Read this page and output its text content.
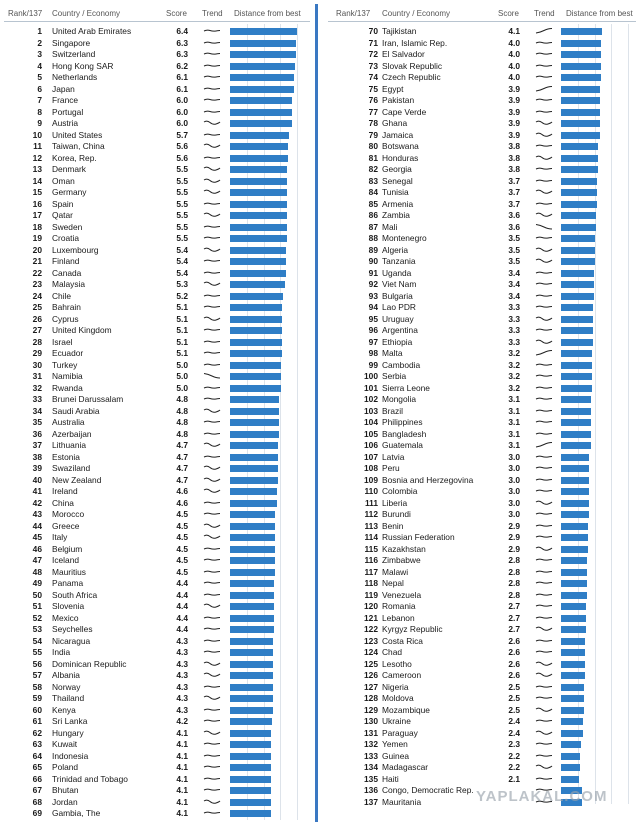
Rank/137 Country / Economy	Score Trend Distance from best
1 United Arab Emirates	6.4
2 Singapore	6.3
3 Switzerland	6.3
4 Hong Kong SAR	6.2
5 Netherlands	6.1
6 Japan	6.1
7 France	6.0
8 Portugal	6.0
9 Austria	6.0
10 United States	5.7
11 Taiwan, China	5.6
12 Korea, Rep.	5.6
13 Denmark	5.5
14 Oman	5.5
15 Germany	5.5
16 Spain	5.5
17 Qatar	5.5
18 Sweden	5.5
19 Croatia	5.5
20 Luxembourg	5.4
21 Finland	5.4
22 Canada	5.4
23 Malaysia	5.3
24 Chile	5.2
25 Bahrain	5.1
26 Cyprus	5.1
27 United Kingdom	5.1
28 Israel	5.1
29 Ecuador	5.1
30 Turkey	5.0
31 Namibia	5.0
32 Rwanda	5.0
33 Brunei Darussalam	4.8
34 Saudi Arabia	4.8
35 Australia	4.8
36 Azerbaijan	4.8
37 Lithuania	4.7
38 Estonia	4.7
39 Swaziland	4.7
40 New Zealand	4.7
41 Ireland	4.6
42 China	4.6
43 Morocco	4.5
44 Greece	4.5
45 Italy	4.5
46 Belgium	4.5
47 Iceland	4.5
48 Mauritius	4.5
49 Panama	4.4
50 South Africa	4.4
51 Slovenia	4.4
52 Mexico	4.4
53 Seychelles	4.4
54 Nicaragua	4.3
55 India	4.3
56 Dominican Republic	4.3
57 Albania	4.3
58 Norway	4.3
59 Thailand	4.3
60 Kenya	4.3
61 Sri Lanka	4.2
62 Hungary	4.1
63 Kuwait	4.1
64 Indonesia	4.1
65 Poland	4.1
66 Trinidad and Tobago	4.1
67 Bhutan	4.1
68 Jordan	4.1
69 Gambia, The	4.1
Rank/137 Country / Economy	Score Trend Distance from best
70 Tajikistan	4.1
71 Iran, Islamic Rep.	4.0
72 El Salvador	4.0
73 Slovak Republic	4.0
74 Czech Republic	4.0
75 Egypt	3.9
76 Pakistan	3.9
77 Cape Verde	3.9
78 Ghana	3.9
79 Jamaica	3.9
80 Botswana	3.8
81 Honduras	3.8
82 Georgia	3.8
83 Senegal	3.7
84 Tunisia	3.7
85 Armenia	3.7
86 Zambia	3.6
87 Mali	3.6
88 Montenegro	3.5
89 Algeria	3.5
90 Tanzania	3.5
91 Uganda	3.4
92 Viet Nam	3.4
93 Bulgaria	3.4
94 Lao PDR	3.3
95 Uruguay	3.3
96 Argentina	3.3
97 Ethiopia	3.3
98 Malta	3.2
99 Cambodia	3.2
100 Serbia	3.2
101 Sierra Leone	3.2
102 Mongolia	3.1
103 Brazil	3.1
104 Philippines	3.1
105 Bangladesh	3.1
106 Guatemala	3.1
107 Latvia	3.0
108 Peru	3.0
109 Bosnia and Herzegovina	3.0
110 Colombia	3.0
111 Liberia	3.0
112 Burundi	3.0
113 Benin	2.9
114 Russian Federation	2.9
115 Kazakhstan	2.9
116 Zimbabwe	2.8
117 Malawi	2.8
118 Nepal	2.8
119 Venezuela	2.8
120 Romania	2.7
121 Lebanon	2.7
122 Kyrgyz Republic	2.7
123 Costa Rica	2.6
124 Chad	2.6
125 Lesotho	2.6
126 Cameroon	2.6
127 Nigeria	2.5
128 Moldova	2.5
129 Mozambique	2.5
130 Ukraine	2.4
131 Paraguay	2.4
132 Yemen	2.3
133 Guinea	2.2
134 Madagascar	2.2
135 Haiti	2.1
136 Congo, Democratic Rep.
137 Mauritania	YAPLAKAL.COM
